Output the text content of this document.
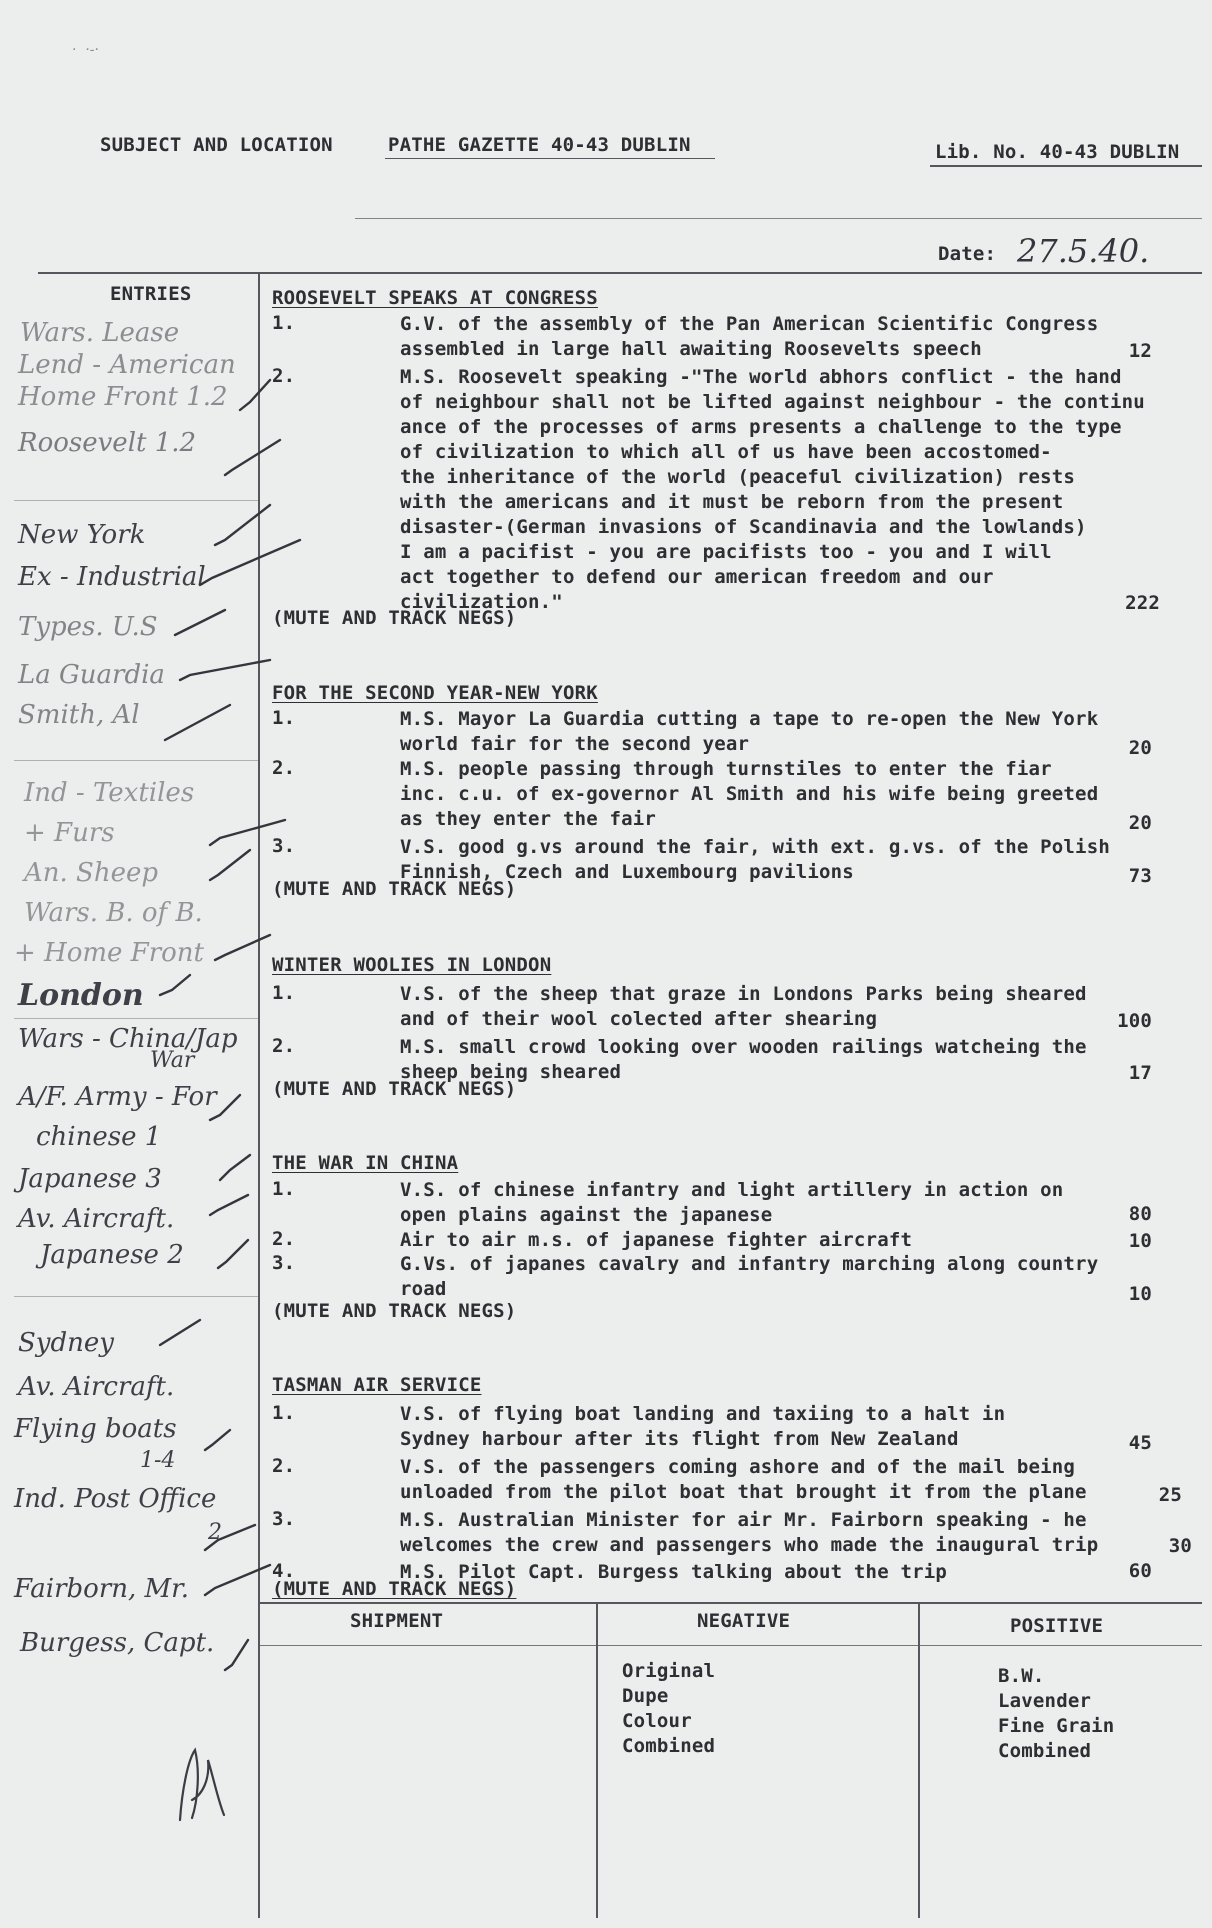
·  ·-·
SUBJECT AND LOCATION	PATHE GAZETTE 40-43 DUBLIN	Lib. No. 40-43 DUBLIN
Date: 27.5.40.
ENTRIES	ROOSEVELT SPEAKS AT CONGRESS
1.	G.V. of the assembly of the Pan American Scientific Congress
assembled in large hall awaiting Roosevelts speech	12
2.	M.S. Roosevelt speaking -"The world abhors conflict - the hand
of neighbour shall not be lifted against neighbour - the continu
ance of the processes of arms presents a challenge to the type
of civilization to which all of us have been accostomed-
the inheritance of the world (peaceful civilization) rests
with the americans and it must be reborn from the present
disaster-(German invasions of Scandinavia and the lowlands)
I am a pacifist - you are pacifists too - you and I will
act together to defend our american freedom and our
civilization."	222
(MUTE AND TRACK NEGS)
FOR THE SECOND YEAR-NEW YORK
1.	M.S. Mayor La Guardia cutting a tape to re-open the New York
world fair for the second year	20
2.	M.S. people passing through turnstiles to enter the fiar
inc. c.u. of ex-governor Al Smith and his wife being greeted
as they enter the fair	20
3.	V.S. good g.vs around the fair, with ext. g.vs. of the Polish
Finnish, Czech and Luxembourg pavilions	73
(MUTE AND TRACK NEGS)
WINTER WOOLIES IN LONDON
1.	V.S. of the sheep that graze in Londons Parks being sheared
and of their wool colected after shearing	100
2.	M.S. small crowd looking over wooden railings watcheing the
sheep being sheared	17
(MUTE AND TRACK NEGS)
THE WAR IN CHINA
1.	V.S. of chinese infantry and light artillery in action on
open plains against the japanese	80
2.	Air to air m.s. of japanese fighter aircraft	10
3.	G.Vs. of japanes cavalry and infantry marching along country
road	10
(MUTE AND TRACK NEGS)
TASMAN AIR SERVICE
1.	V.S. of flying boat landing and taxiing to a halt in
Sydney harbour after its flight from New Zealand	45
2.	V.S. of the passengers coming ashore and of the mail being
unloaded from the pilot boat that brought it from the plane	25
3.	M.S. Australian Minister for air Mr. Fairborn speaking - he
welcomes the crew and passengers who made the inaugural trip	30
4.	M.S. Pilot Capt. Burgess talking about the trip	60
(MUTE AND TRACK NEGS)
Wars. Lease
Lend - American
Home Front 1.2
Roosevelt 1.2
New York
Ex - Industrial
Types. U.S
La Guardia
Smith, Al
Ind - Textiles
+ Furs
An. Sheep
Wars. B. of B.
+ Home Front
London
Wars - China/Jap
War
A/F. Army - For
chinese 1
Japanese 3
Av. Aircraft.
Japanese 2
Sydney
Av. Aircraft.
Flying boats
1-4
Ind. Post Office
2
Fairborn, Mr.
Burgess, Capt.
SHIPMENT	NEGATIVE	POSITIVE
Original
Dupe
Colour
Combined
B.W.
Lavender
Fine Grain
Combined
